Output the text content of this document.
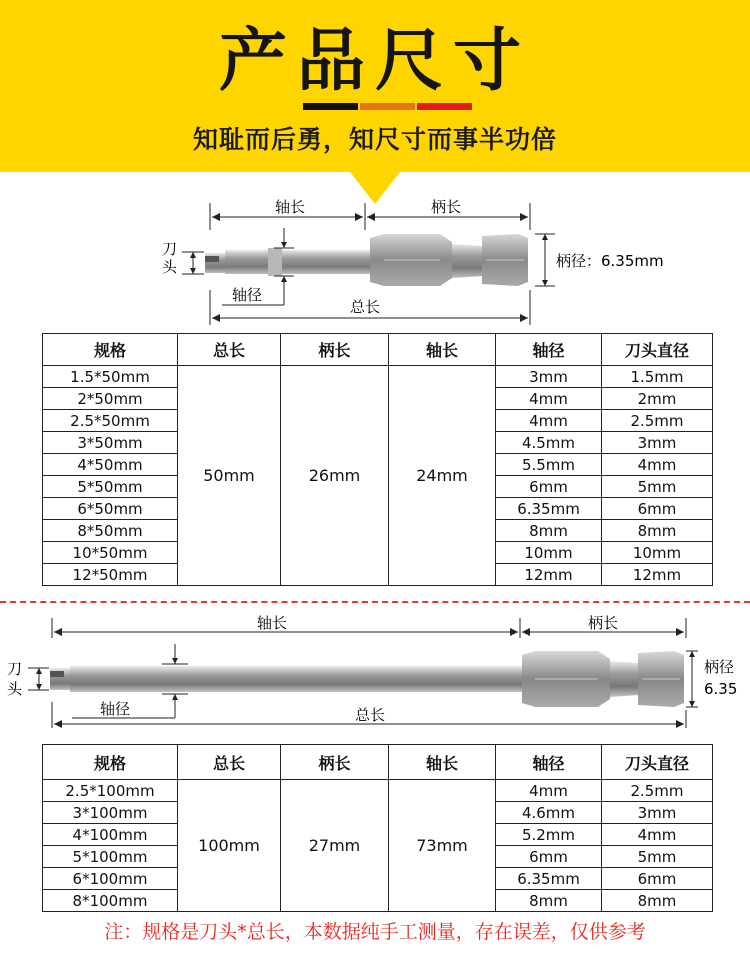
产品尺寸
知耻而后勇，知尺寸而事半功倍
轴长	柄长
刀
头
轴径
柄径：6.35mm
总长
规格	总长	柄长	轴长	轴径	刀头直径
1.5*50mm	50mm	26mm	24mm	3mm	1.5mm
2*50mm				4mm	2mm
2.5*50mm				4mm	2.5mm
3*50mm				4.5mm	3mm
4*50mm				5.5mm	4mm
5*50mm				6mm	5mm
6*50mm				6.35mm	6mm
8*50mm				8mm	8mm
10*50mm				10mm	10mm
12*50mm				12mm	12mm
轴长	柄长
刀
头
轴径
柄径
6.35
总长
规格	总长	柄长	轴长	轴径	刀头直径
2.5*100mm	100mm	27mm	73mm	4mm	2.5mm
3*100mm				4.6mm	3mm
4*100mm				5.2mm	4mm
5*100mm				6mm	5mm
6*100mm				6.35mm	6mm
8*100mm				8mm	8mm
注：规格是刀头*总长，本数据纯手工测量，存在误差，仅供参考
